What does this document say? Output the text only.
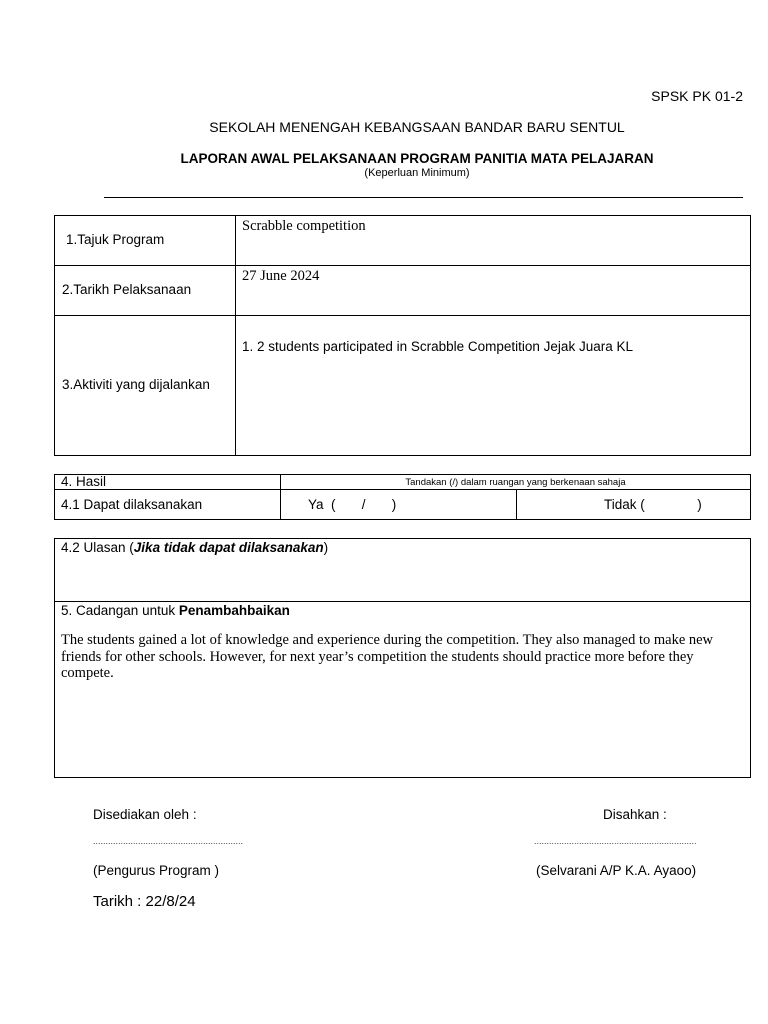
SPSK PK 01-2
SEKOLAH MENENGAH KEBANGSAAN BANDAR BARU SENTUL
LAPORAN AWAL PELAKSANAAN PROGRAM PANITIA MATA PELAJARAN
(Keperluan Minimum)
1.Tajuk Program	Scrabble competition

2.Tarikh Pelaksanaan	27 June 2024

3.Aktiviti yang dijalankan	1. 2 students participated in Scrabble Competition Jejak Juara KL
4. Hasil	Tandakan (/) dalam ruangan yang berkenaan sahaja	
4.1 Dapat dilaksanakan	Ya  (       /       )	Tidak (              )
4.2 Ulasan (Jika tidak dapat dilaksanakan)

5. Cadangan untuk Penambahbaikan
The students gained a lot of knowledge and experience during the competition. They also managed to make new friends for other schools. However, for next year’s competition the students should practice more before they compete.
Disediakan oleh :	Disahkan :
............................................................	.................................................................
(Pengurus Program )	(Selvarani A/P K.A. Ayaoo)
Tarikh : 22/8/24
